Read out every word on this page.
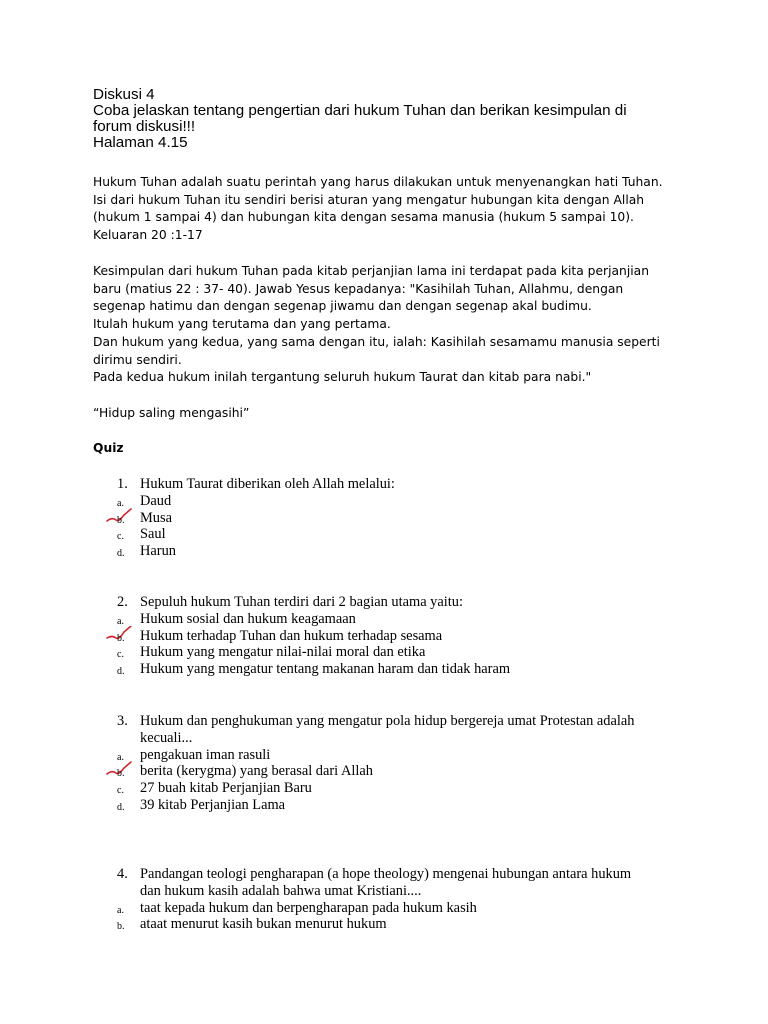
Diskusi 4
Coba jelaskan tentang pengertian dari hukum Tuhan dan berikan kesimpulan di
forum diskusi!!!
Halaman 4.15
Hukum Tuhan adalah suatu perintah yang harus dilakukan untuk menyenangkan hati Tuhan.
Isi dari hukum Tuhan itu sendiri berisi aturan yang mengatur hubungan kita dengan Allah
(hukum 1 sampai 4) dan hubungan kita dengan sesama manusia (hukum 5 sampai 10).
Keluaran 20 :1-17
Kesimpulan dari hukum Tuhan pada kitab perjanjian lama ini terdapat pada kita perjanjian
baru (matius 22 : 37- 40). Jawab Yesus kepadanya: "Kasihilah Tuhan, Allahmu, dengan
segenap hatimu dan dengan segenap jiwamu dan dengan segenap akal budimu.
Itulah hukum yang terutama dan yang pertama.
Dan hukum yang kedua, yang sama dengan itu, ialah: Kasihilah sesamamu manusia seperti
dirimu sendiri.
Pada kedua hukum inilah tergantung seluruh hukum Taurat dan kitab para nabi."
“Hidup saling mengasihi”
Quiz
1. Hukum Taurat diberikan oleh Allah melalui:
a. Daud
b. Musa
c. Saul
d. Harun
2. Sepuluh hukum Tuhan terdiri dari 2 bagian utama yaitu:
a. Hukum sosial dan hukum keagamaan
b. Hukum terhadap Tuhan dan hukum terhadap sesama
c. Hukum yang mengatur nilai-nilai moral dan etika
d. Hukum yang mengatur tentang makanan haram dan tidak haram
3. Hukum dan penghukuman yang mengatur pola hidup bergereja umat Protestan adalah
kecuali...
a. pengakuan iman rasuli
b. berita (kerygma) yang berasal dari Allah
c. 27 buah kitab Perjanjian Baru
d. 39 kitab Perjanjian Lama
4. Pandangan teologi pengharapan (a hope theology) mengenai hubungan antara hukum
dan hukum kasih adalah bahwa umat Kristiani....
a. taat kepada hukum dan berpengharapan pada hukum kasih
b. ataat menurut kasih bukan menurut hukum
